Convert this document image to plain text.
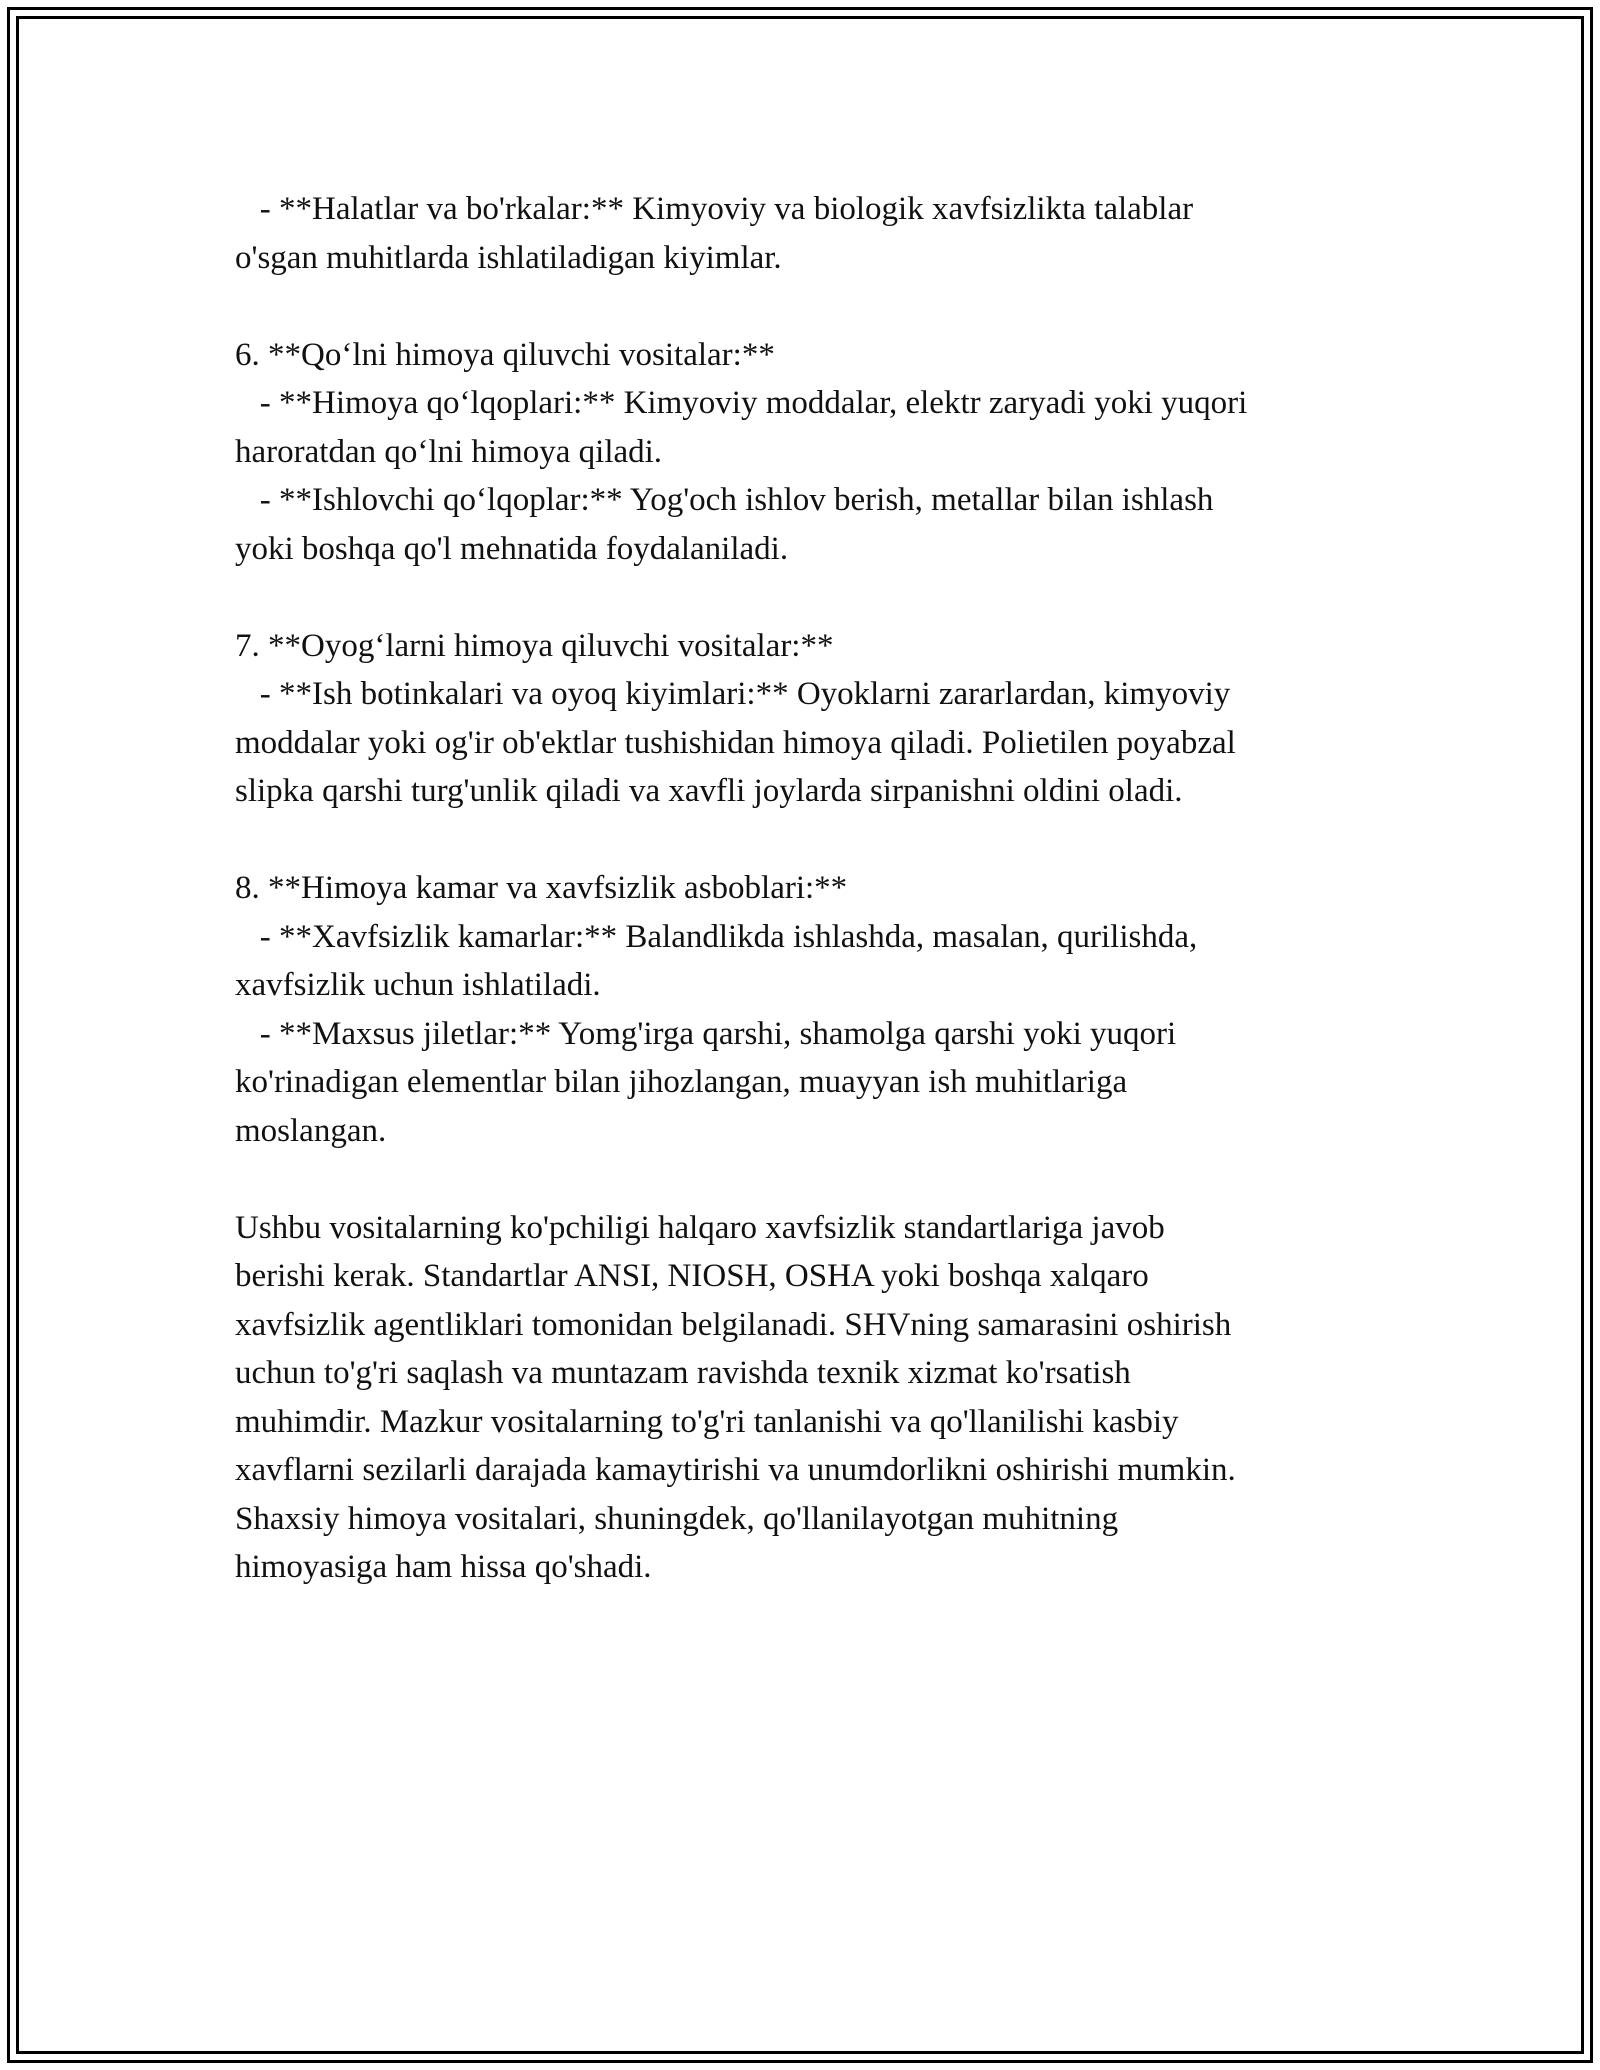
- **Halatlar va bo'rkalar:** Kimyoviy va biologik xavfsizlikta talablar
o'sgan muhitlarda ishlatiladigan kiyimlar.
6. **Qo‘lni himoya qiluvchi vositalar:**
- **Himoya qo‘lqoplari:** Kimyoviy moddalar, elektr zaryadi yoki yuqori
haroratdan qo‘lni himoya qiladi.
- **Ishlovchi qo‘lqoplar:** Yog'och ishlov berish, metallar bilan ishlash
yoki boshqa qo'l mehnatida foydalaniladi.
7. **Oyog‘larni himoya qiluvchi vositalar:**
- **Ish botinkalari va oyoq kiyimlari:** Oyoklarni zararlardan, kimyoviy
moddalar yoki og'ir ob'ektlar tushishidan himoya qiladi. Polietilen poyabzal
slipka qarshi turg'unlik qiladi va xavfli joylarda sirpanishni oldini oladi.
8. **Himoya kamar va xavfsizlik asboblari:**
- **Xavfsizlik kamarlar:** Balandlikda ishlashda, masalan, qurilishda,
xavfsizlik uchun ishlatiladi.
- **Maxsus jiletlar:** Yomg'irga qarshi, shamolga qarshi yoki yuqori
ko'rinadigan elementlar bilan jihozlangan, muayyan ish muhitlariga
moslangan.
Ushbu vositalarning ko'pchiligi halqaro xavfsizlik standartlariga javob
berishi kerak. Standartlar ANSI, NIOSH, OSHA yoki boshqa xalqaro
xavfsizlik agentliklari tomonidan belgilanadi. SHVning samarasini oshirish
uchun to'g'ri saqlash va muntazam ravishda texnik xizmat ko'rsatish
muhimdir. Mazkur vositalarning to'g'ri tanlanishi va qo'llanilishi kasbiy
xavflarni sezilarli darajada kamaytirishi va unumdorlikni oshirishi mumkin.
Shaxsiy himoya vositalari, shuningdek, qo'llanilayotgan muhitning
himoyasiga ham hissa qo'shadi.
